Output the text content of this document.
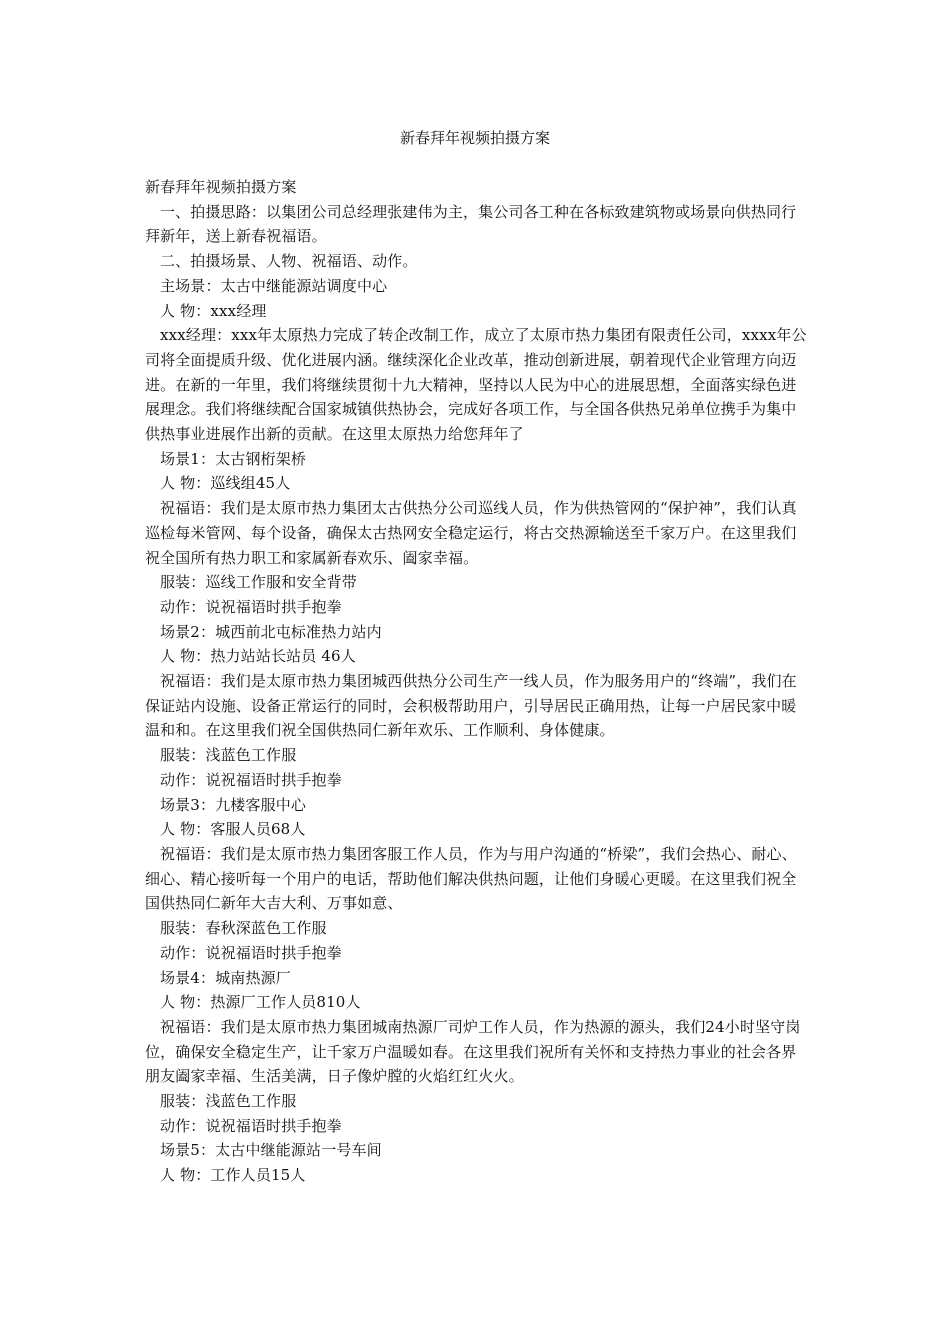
新春拜年视频拍摄方案

新春拜年视频拍摄方案

一、拍摄思路：以集团公司总经理张建伟为主，集公司各工种在各标致建筑物或场景向供热同行拜新年，送上新春祝福语。

二、拍摄场景、人物、祝福语、动作。

主场景：太古中继能源站调度中心

人 物：xxx经理

xxx经理：xxx年太原热力完成了转企改制工作，成立了太原市热力集团有限责任公司，xxxx年公司将全面提质升级、优化进展内涵。继续深化企业改革，推动创新进展，朝着现代企业管理方向迈进。在新的一年里，我们将继续贯彻十九大精神，坚持以人民为中心的进展思想，全面落实绿色进展理念。我们将继续配合国家城镇供热协会，完成好各项工作，与全国各供热兄弟单位携手为集中供热事业进展作出新的贡献。在这里太原热力给您拜年了

场景1：太古钢桁架桥

人 物：巡线组45人

祝福语：我们是太原市热力集团太古供热分公司巡线人员，作为供热管网的“保护神”，我们认真巡检每米管网、每个设备，确保太古热网安全稳定运行，将古交热源输送至千家万户。在这里我们祝全国所有热力职工和家属新春欢乐、阖家幸福。

服装：巡线工作服和安全背带

动作：说祝福语时拱手抱拳

场景2：城西前北屯标准热力站内

人 物：热力站站长站员 46人

祝福语：我们是太原市热力集团城西供热分公司生产一线人员，作为服务用户的“终端”，我们在保证站内设施、设备正常运行的同时，会积极帮助用户，引导居民正确用热，让每一户居民家中暖温和和。在这里我们祝全国供热同仁新年欢乐、工作顺利、身体健康。

服装：浅蓝色工作服

动作：说祝福语时拱手抱拳

场景3：九楼客服中心

人 物：客服人员68人

祝福语：我们是太原市热力集团客服工作人员，作为与用户沟通的“桥梁”，我们会热心、耐心、细心、精心接听每一个用户的电话，帮助他们解决供热问题，让他们身暖心更暖。在这里我们祝全国供热同仁新年大吉大利、万事如意、

服装：春秋深蓝色工作服

动作：说祝福语时拱手抱拳

场景4：城南热源厂

人 物：热源厂工作人员810人

祝福语：我们是太原市热力集团城南热源厂司炉工作人员，作为热源的源头，我们24小时坚守岗位，确保安全稳定生产，让千家万户温暖如春。在这里我们祝所有关怀和支持热力事业的社会各界朋友阖家幸福、生活美满，日子像炉膛的火焰红红火火。

服装：浅蓝色工作服

动作：说祝福语时拱手抱拳

场景5：太古中继能源站一号车间

人 物：工作人员15人
